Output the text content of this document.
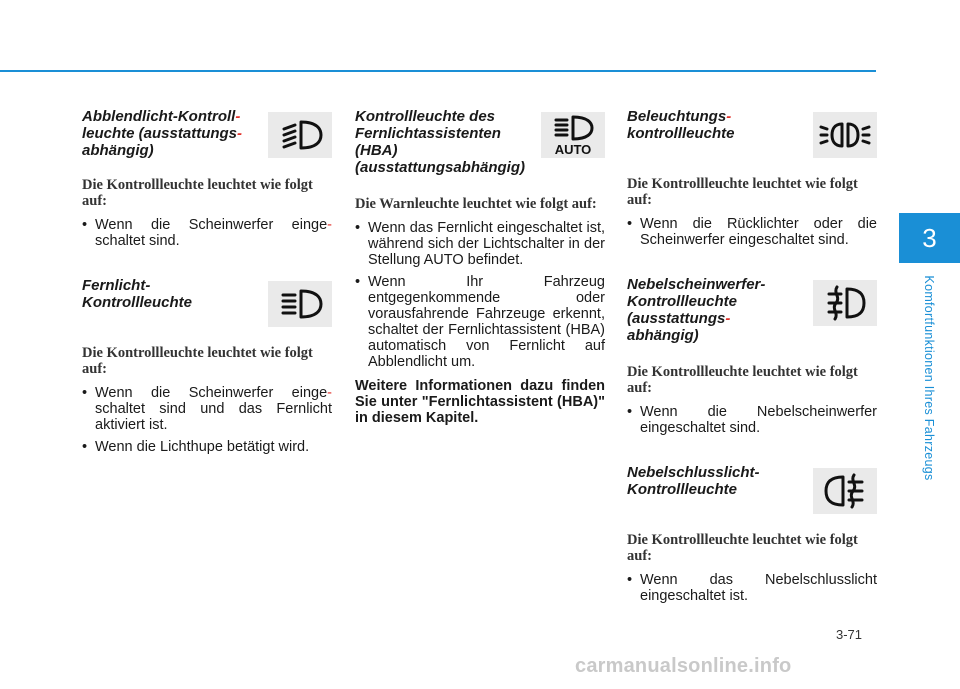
Abblendlicht-Kontroll-
leuchte (ausstattungs-
abhängig)

Die Kontrollleuchte leuchtet wie folgt auf:

• Wenn die Scheinwerfer einge-schaltet sind.
Fernlicht-
Kontrollleuchte

Die Kontrollleuchte leuchtet wie folgt auf:

• Wenn die Scheinwerfer einge-schaltet sind und das Fernlicht aktiviert ist.
• Wenn die Lichthupe betätigt wird.
Kontrollleuchte des
Fernlichtassistenten
(HBA)
(ausstattungsabhängig)
AUTO

Die Warnleuchte leuchtet wie folgt auf:

• Wenn das Fernlicht eingeschaltet ist, während sich der Lichtschalter in der Stellung AUTO befindet.
• Wenn Ihr Fahrzeug entgegenkommende oder vorausfahrende Fahrzeuge erkennt, schaltet der Fernlichtassistent (HBA) automatisch von Fernlicht auf Abblendlicht um.

Weitere Informationen dazu finden Sie unter "Fernlichtassistent (HBA)" in diesem Kapitel.

Beleuchtungs-
kontrollleuchte

Die Kontrollleuchte leuchtet wie folgt auf:

• Wenn die Rücklichter oder die Scheinwerfer eingeschaltet sind.
Nebelscheinwerfer-
Kontrollleuchte
(ausstattungs-
abhängig)

Die Kontrollleuchte leuchtet wie folgt auf:

• Wenn die Nebelscheinwerfer eingeschaltet sind.
Nebelschlusslicht-
Kontrollleuchte

Die Kontrollleuchte leuchtet wie folgt auf:

• Wenn das Nebelschlusslicht eingeschaltet ist.
3
Komfortfunktionen Ihres Fahrzeugs
3-71
carmanualsonline.info
